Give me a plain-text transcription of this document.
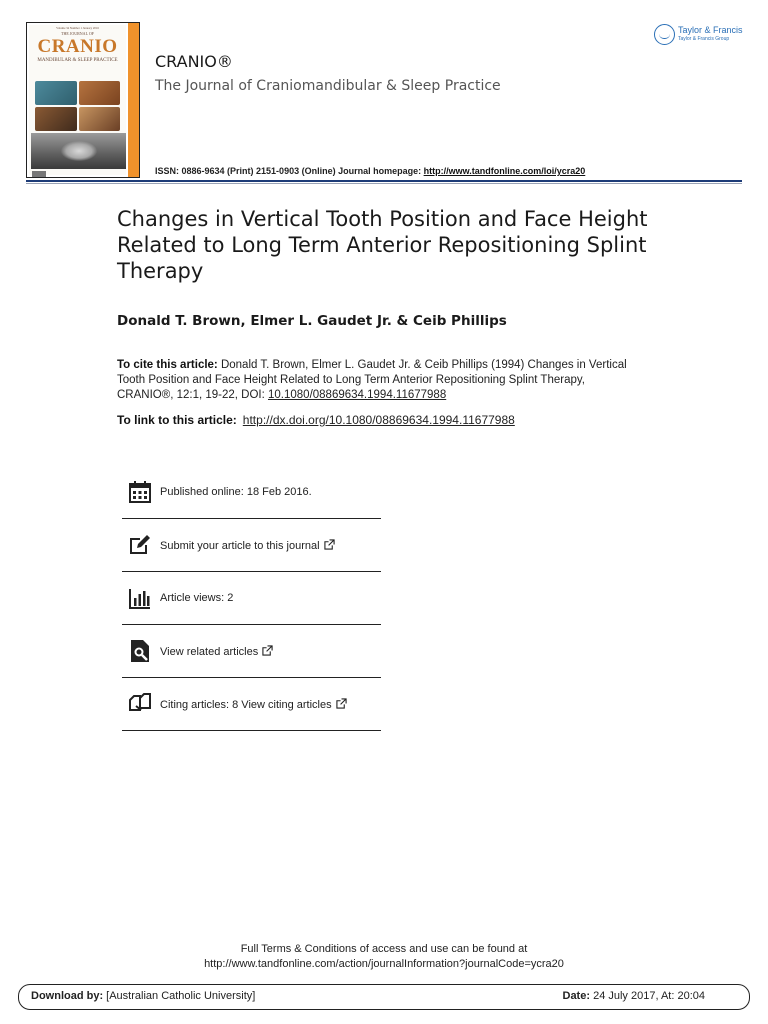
Volume 34 Number 1 January 2016
THE JOURNAL OF
CRANIO
MANDIBULAR & SLEEP PRACTICE	CRANIO®
The Journal of Craniomandibular & Sleep Practice
ISSN: 0886-9634 (Print) 2151-0903 (Online) Journal homepage: http://www.tandfonline.com/loi/ycra20
Taylor & Francis
Taylor & Francis Group
Changes in Vertical Tooth Position and Face Height Related to Long Term Anterior Repositioning Splint Therapy
Donald T. Brown, Elmer L. Gaudet Jr. & Ceib Phillips
To cite this article: Donald T. Brown, Elmer L. Gaudet Jr. & Ceib Phillips (1994) Changes in Vertical Tooth Position and Face Height Related to Long Term Anterior Repositioning Splint Therapy, CRANIO®, 12:1, 19-22, DOI: 10.1080/08869634.1994.11677988
To link to this article: http://dx.doi.org/10.1080/08869634.1994.11677988
Published online: 18 Feb 2016.
Submit your article to this journal
Article views: 2
View related articles
Citing articles: 8 View citing articles
Full Terms & Conditions of access and use can be found at
http://www.tandfonline.com/action/journalInformation?journalCode=ycra20
Download by: [Australian Catholic University]	Date: 24 July 2017, At: 20:04
